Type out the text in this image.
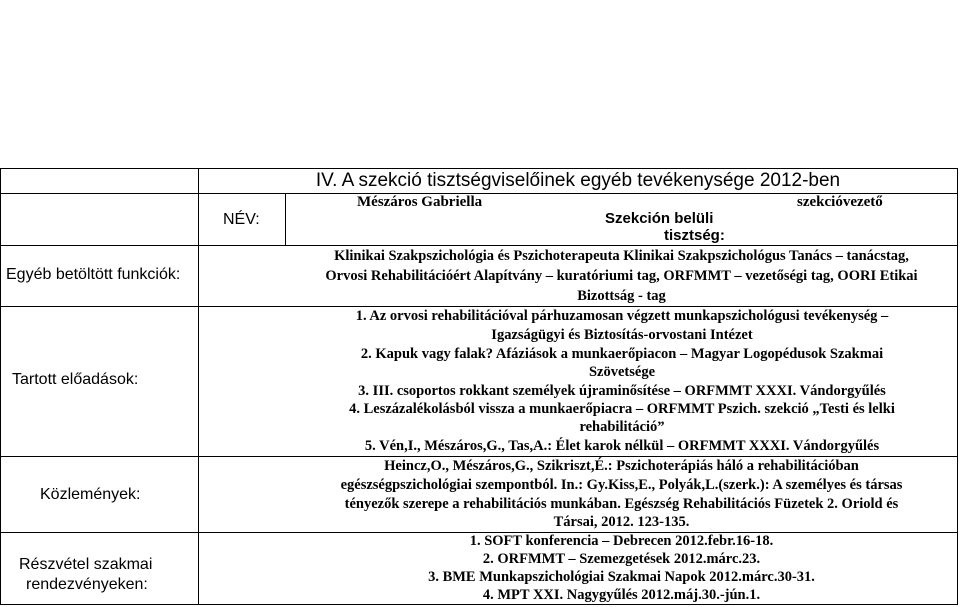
IV. A szekció tisztségviselőinek egyéb tevékenysége 2012-ben
NÉV:
Mészáros Gabriella	szekcióvezető
Szekción belüli
tisztség:
Egyéb betöltött funkciók:
Klinikai Szakpszichológia és Pszichoterapeuta Klinikai Szakpszichológus Tanács – tanácstag,
Orvosi Rehabilitációért Alapítvány – kuratóriumi tag, ORFMMT – vezetőségi tag, OORI Etikai
Bizottság - tag
Tartott előadások:
1. Az orvosi rehabilitációval párhuzamosan végzett munkapszichológusi tevékenység –
Igazságügyi és Biztosítás-orvostani Intézet
2. Kapuk vagy falak? Afáziások a munkaerőpiacon – Magyar Logopédusok Szakmai
Szövetsége
3. III. csoportos rokkant személyek újraminősítése – ORFMMT XXXI. Vándorgyűlés
4. Leszázalékolásból vissza a munkaerőpiacra – ORFMMT Pszich. szekció „Testi és lelki
rehabilitáció”
5. Vén,I., Mészáros,G., Tas,A.: Élet karok nélkül – ORFMMT XXXI. Vándorgyűlés
Közlemények:
Heincz,O., Mészáros,G., Szikriszt,É.: Pszichoterápiás háló a rehabilitációban
egészségpszichológiai szempontból. In.: Gy.Kiss,E., Polyák,L.(szerk.): A személyes és társas
tényezők szerepe a rehabilitációs munkában. Egészség Rehabilitációs Füzetek 2. Oriold és
Társai, 2012. 123-135.
Részvétel szakmai
rendezvényeken:
1. SOFT konferencia – Debrecen 2012.febr.16-18.
2. ORFMMT – Szemezgetések 2012.márc.23.
3. BME Munkapszichológiai Szakmai Napok 2012.márc.30-31.
4. MPT XXI. Nagygyűlés 2012.máj.30.-jún.1.
